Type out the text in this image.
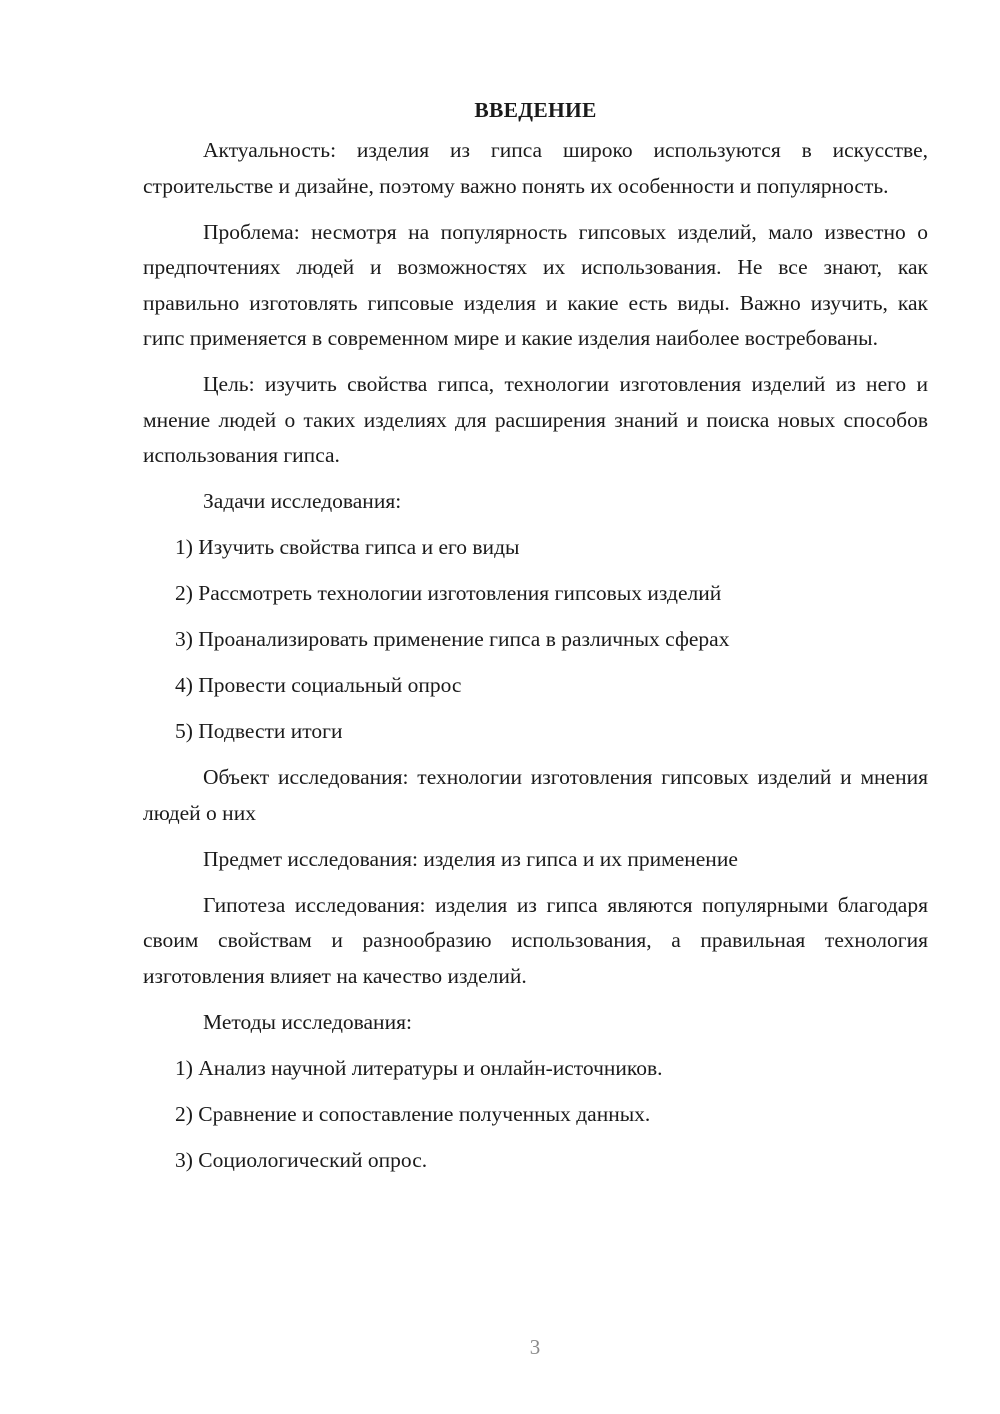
ВВЕДЕНИЕ

Актуальность: изделия из гипса широко используются в искусстве, строительстве и дизайне, поэтому важно понять их особенности и популярность.

Проблема: несмотря на популярность гипсовых изделий, мало известно о предпочтениях людей и возможностях их использования. Не все знают, как правильно изготовлять гипсовые изделия и какие есть виды. Важно изучить, как гипс применяется в современном мире и какие изделия наиболее востребованы.

Цель: изучить свойства гипса, технологии изготовления изделий из него и мнение людей о таких изделиях для расширения знаний и поиска новых способов использования гипса.

Задачи исследования:

1) Изучить свойства гипса и его виды

2) Рассмотреть технологии изготовления гипсовых изделий

3) Проанализировать применение гипса в различных сферах

4) Провести социальный опрос

5) Подвести итоги

Объект исследования: технологии изготовления гипсовых изделий и мнения людей о них

Предмет исследования: изделия из гипса и их применение

Гипотеза исследования: изделия из гипса являются популярными благодаря своим свойствам и разнообразию использования, а правильная технология изготовления влияет на качество изделий.

Методы исследования:

1) Анализ научной литературы и онлайн-источников.

2) Сравнение и сопоставление полученных данных.

3) Социологический опрос.

3
